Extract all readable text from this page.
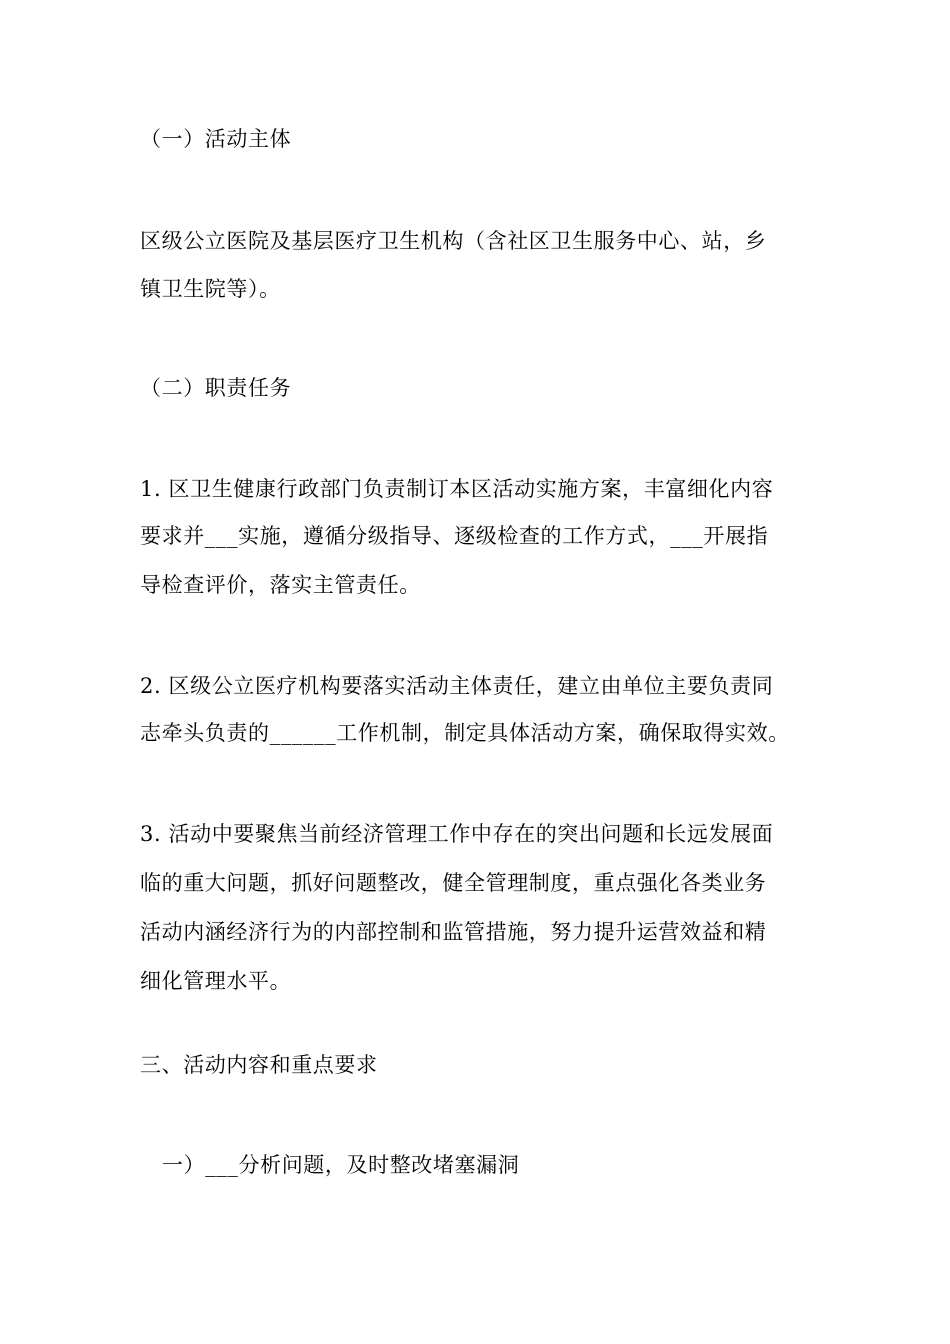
（一）活动主体
区级公立医院及基层医疗卫生机构（含社区卫生服务中心、站，乡
镇卫生院等）。
（二）职责任务
1. 区卫生健康行政部门负责制订本区活动实施方案，丰富细化内容
要求并___实施，遵循分级指导、逐级检查的工作方式，___开展指
导检查评价，落实主管责任。
2. 区级公立医疗机构要落实活动主体责任，建立由单位主要负责同
志牵头负责的______工作机制，制定具体活动方案，确保取得实效。
3. 活动中要聚焦当前经济管理工作中存在的突出问题和长远发展面
临的重大问题，抓好问题整改，健全管理制度，重点强化各类业务
活动内涵经济行为的内部控制和监管措施，努力提升运营效益和精
细化管理水平。
三、活动内容和重点要求
一）___分析问题，及时整改堵塞漏洞
